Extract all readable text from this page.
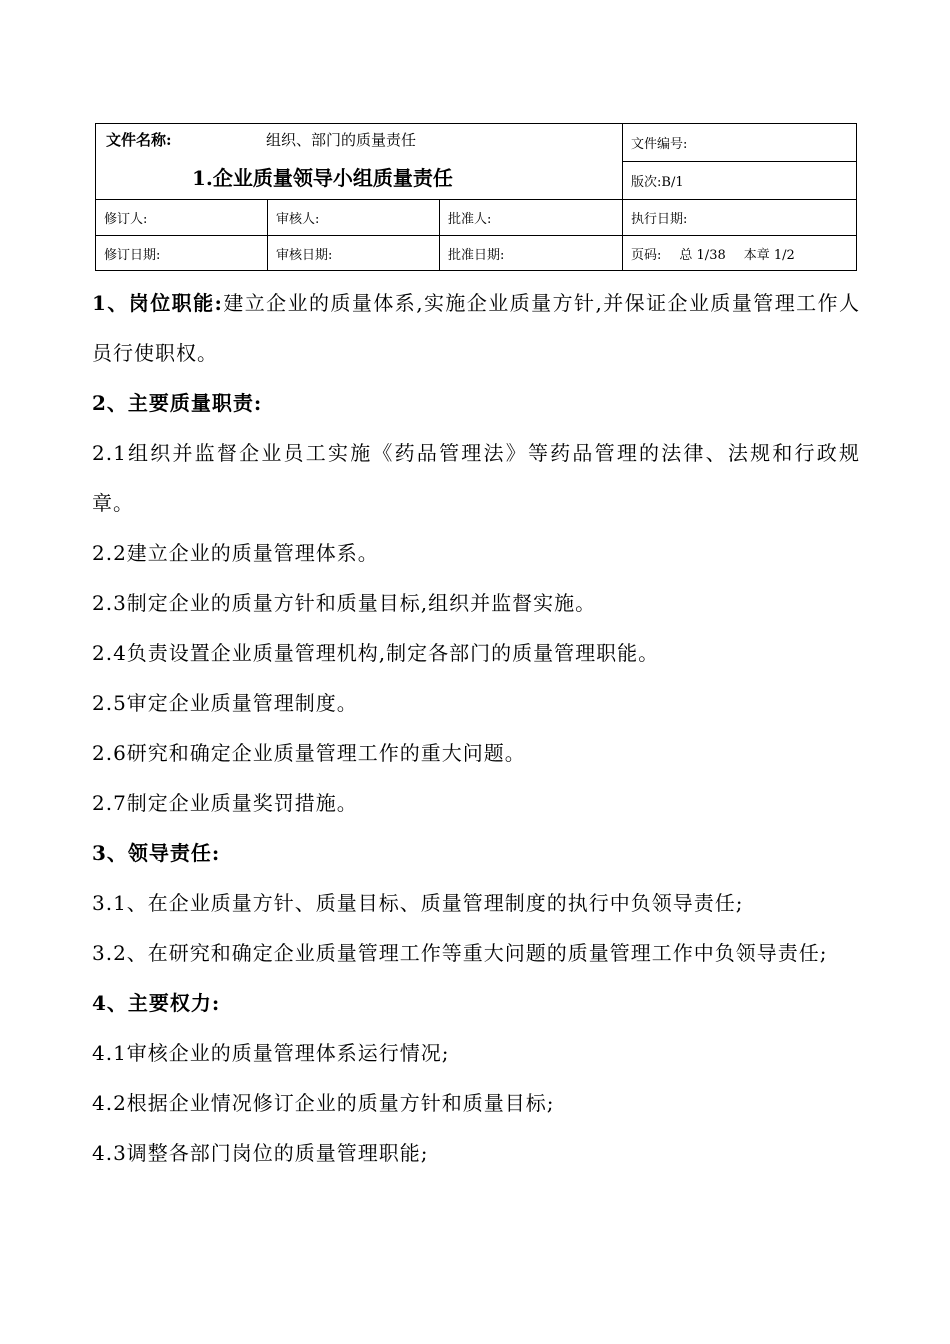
文件名称: 组织、部门的质量责任
1.企业质量领导小组质量责任			文件编号:
			版次:B/1
修订人:	审核人:	批准人:	执行日期:
修订日期:	审核日期:	批准日期:	页码: 总 1/38 本章 1/2

1、岗位职能:建立企业的质量体系,实施企业质量方针,并保证企业质量管理工作人员行使职权。

2、主要质量职责:

2.1组织并监督企业员工实施《药品管理法》等药品管理的法律、法规和行政规章。

2.2建立企业的质量管理体系。

2.3制定企业的质量方针和质量目标,组织并监督实施。

2.4负责设置企业质量管理机构,制定各部门的质量管理职能。

2.5审定企业质量管理制度。

2.6研究和确定企业质量管理工作的重大问题。

2.7制定企业质量奖罚措施。

3、领导责任:

3.1、在企业质量方针、质量目标、质量管理制度的执行中负领导责任;

3.2、在研究和确定企业质量管理工作等重大问题的质量管理工作中负领导责任;

4、主要权力:

4.1审核企业的质量管理体系运行情况;

4.2根据企业情况修订企业的质量方针和质量目标;

4.3调整各部门岗位的质量管理职能;
